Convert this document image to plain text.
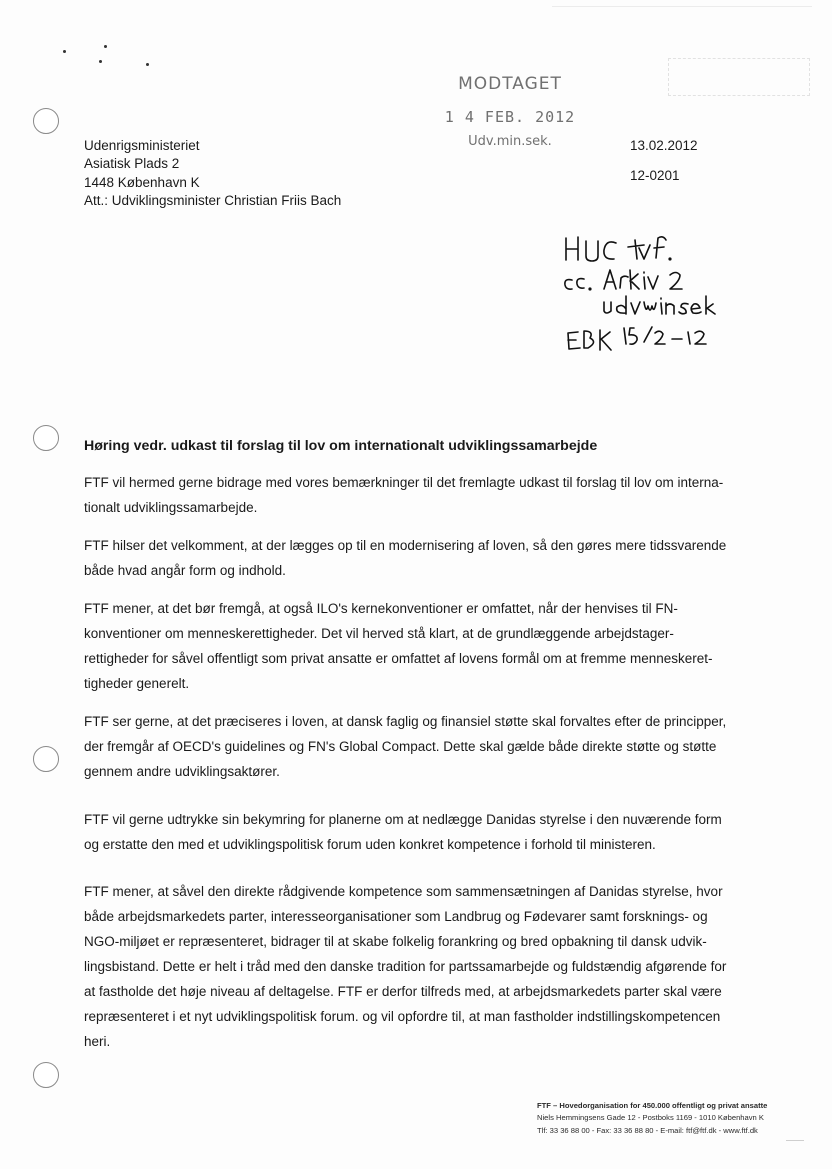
Udenrigsministeriet
Asiatisk Plads 2
1448 København K
Att.: Udviklingsminister Christian Friis Bach
MODTAGET
1 4 FEB. 2012
Udv.min.sek.	13.02.2012
12-0201
Høring vedr. udkast til forslag til lov om internationalt udviklingssamarbejde

FTF vil hermed gerne bidrage med vores bemærkninger til det fremlagte udkast til forslag til lov om interna-
tionalt udviklingssamarbejde.

FTF hilser det velkomment, at der lægges op til en modernisering af loven, så den gøres mere tidssvarende
både hvad angår form og indhold.

FTF mener, at det bør fremgå, at også ILO's kernekonventioner er omfattet, når der henvises til FN-
konventioner om menneskerettigheder. Det vil herved stå klart, at de grundlæggende arbejdstager-
rettigheder for såvel offentligt som privat ansatte er omfattet af lovens formål om at fremme menneskeret-
tigheder generelt.

FTF ser gerne, at det præciseres i loven, at dansk faglig og finansiel støtte skal forvaltes efter de principper,
der fremgår af OECD's guidelines og FN's Global Compact. Dette skal gælde både direkte støtte og støtte
gennem andre udviklingsaktører.

FTF vil gerne udtrykke sin bekymring for planerne om at nedlægge Danidas styrelse i den nuværende form
og erstatte den med et udviklingspolitisk forum uden konkret kompetence i forhold til ministeren.

FTF mener, at såvel den direkte rådgivende kompetence som sammensætningen af Danidas styrelse, hvor
både arbejdsmarkedets parter, interesseorganisationer som Landbrug og Fødevarer samt forsknings- og
NGO-miljøet er repræsenteret, bidrager til at skabe folkelig forankring og bred opbakning til dansk udvik-
lingsbistand. Dette er helt i tråd med den danske tradition for partssamarbejde og fuldstændig afgørende for
at fastholde det høje niveau af deltagelse. FTF er derfor tilfreds med, at arbejdsmarkedets parter skal være
repræsenteret i et nyt udviklingspolitisk forum. og vil opfordre til, at man fastholder indstillingskompetencen
heri.

FTF – Hovedorganisation for 450.000 offentligt og privat ansatte
Niels Hemmingsens Gade 12 - Postboks 1169 - 1010 København K
Tlf: 33 36 88 00 - Fax: 33 36 88 80 - E-mail: ftf@ftf.dk - www.ftf.dk
